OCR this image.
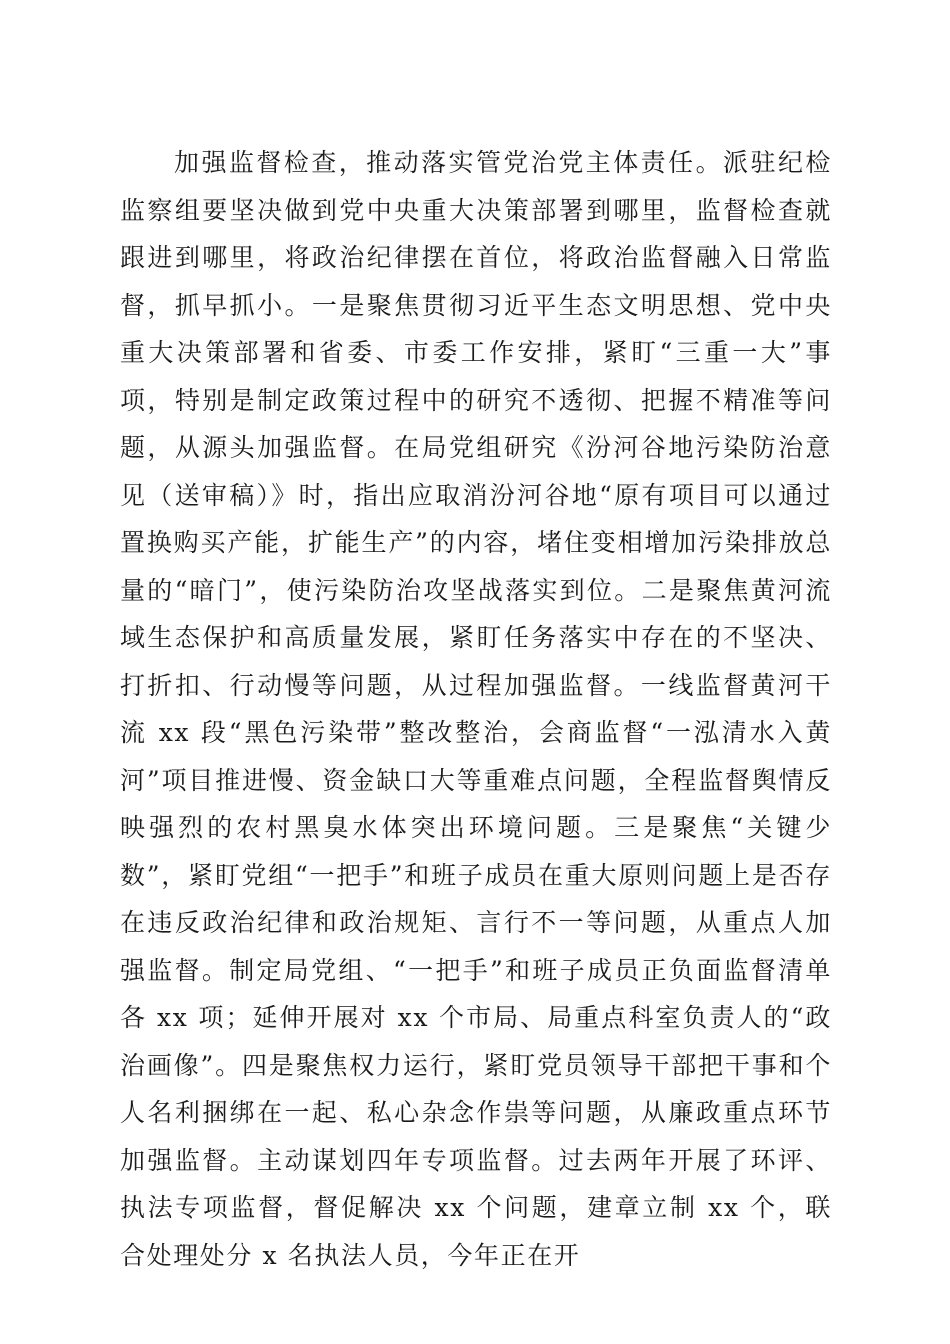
加强监督检查，推动落实管党治党主体责任。派驻纪检监察组要坚决做到党中央重大决策部署到哪里，监督检查就跟进到哪里，将政治纪律摆在首位，将政治监督融入日常监督，抓早抓小。一是聚焦贯彻习近平生态文明思想、党中央重大决策部署和省委、市委工作安排，紧盯“三重一大”事项，特别是制定政策过程中的研究不透彻、把握不精准等问题，从源头加强监督。在局党组研究《汾河谷地污染防治意见（送审稿）》时，指出应取消汾河谷地“原有项目可以通过置换购买产能，扩能生产”的内容，堵住变相增加污染排放总量的“暗门”，使污染防治攻坚战落实到位。二是聚焦黄河流域生态保护和高质量发展，紧盯任务落实中存在的不坚决、打折扣、行动慢等问题，从过程加强监督。一线监督黄河干流 xx 段“黑色污染带”整改整治，会商监督“一泓清水入黄河”项目推进慢、资金缺口大等重难点问题，全程监督舆情反映强烈的农村黑臭水体突出环境问题。三是聚焦“关键少数”，紧盯党组“一把手”和班子成员在重大原则问题上是否存在违反政治纪律和政治规矩、言行不一等问题，从重点人加强监督。制定局党组、“一把手”和班子成员正负面监督清单各 xx 项；延伸开展对 xx 个市局、局重点科室负责人的“政治画像”。四是聚焦权力运行，紧盯党员领导干部把干事和个人名利捆绑在一起、私心杂念作祟等问题，从廉政重点环节加强监督。主动谋划四年专项监督。过去两年开展了环评、执法专项监督，督促解决 xx 个问题，建章立制 xx 个，联合处理处分 x 名执法人员，今年正在开
